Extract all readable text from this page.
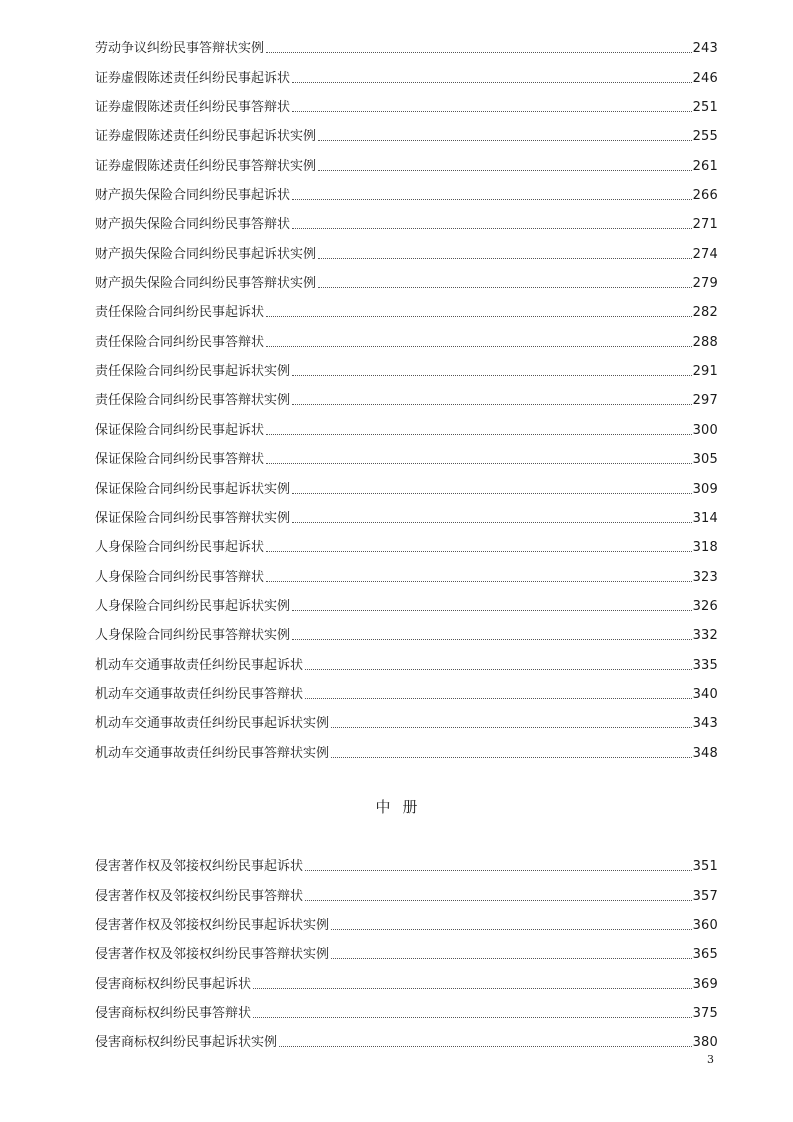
劳动争议纠纷民事答辩状实例	243
证券虚假陈述责任纠纷民事起诉状	246
证券虚假陈述责任纠纷民事答辩状	251
证券虚假陈述责任纠纷民事起诉状实例	255
证券虚假陈述责任纠纷民事答辩状实例	261
财产损失保险合同纠纷民事起诉状	266
财产损失保险合同纠纷民事答辩状	271
财产损失保险合同纠纷民事起诉状实例	274
财产损失保险合同纠纷民事答辩状实例	279
责任保险合同纠纷民事起诉状	282
责任保险合同纠纷民事答辩状	288
责任保险合同纠纷民事起诉状实例	291
责任保险合同纠纷民事答辩状实例	297
保证保险合同纠纷民事起诉状	300
保证保险合同纠纷民事答辩状	305
保证保险合同纠纷民事起诉状实例	309
保证保险合同纠纷民事答辩状实例	314
人身保险合同纠纷民事起诉状	318
人身保险合同纠纷民事答辩状	323
人身保险合同纠纷民事起诉状实例	326
人身保险合同纠纷民事答辩状实例	332
机动车交通事故责任纠纷民事起诉状	335
机动车交通事故责任纠纷民事答辩状	340
机动车交通事故责任纠纷民事起诉状实例	343
机动车交通事故责任纠纷民事答辩状实例	348
中册
侵害著作权及邻接权纠纷民事起诉状	351
侵害著作权及邻接权纠纷民事答辩状	357
侵害著作权及邻接权纠纷民事起诉状实例	360
侵害著作权及邻接权纠纷民事答辩状实例	365
侵害商标权纠纷民事起诉状	369
侵害商标权纠纷民事答辩状	375
侵害商标权纠纷民事起诉状实例	380
3
